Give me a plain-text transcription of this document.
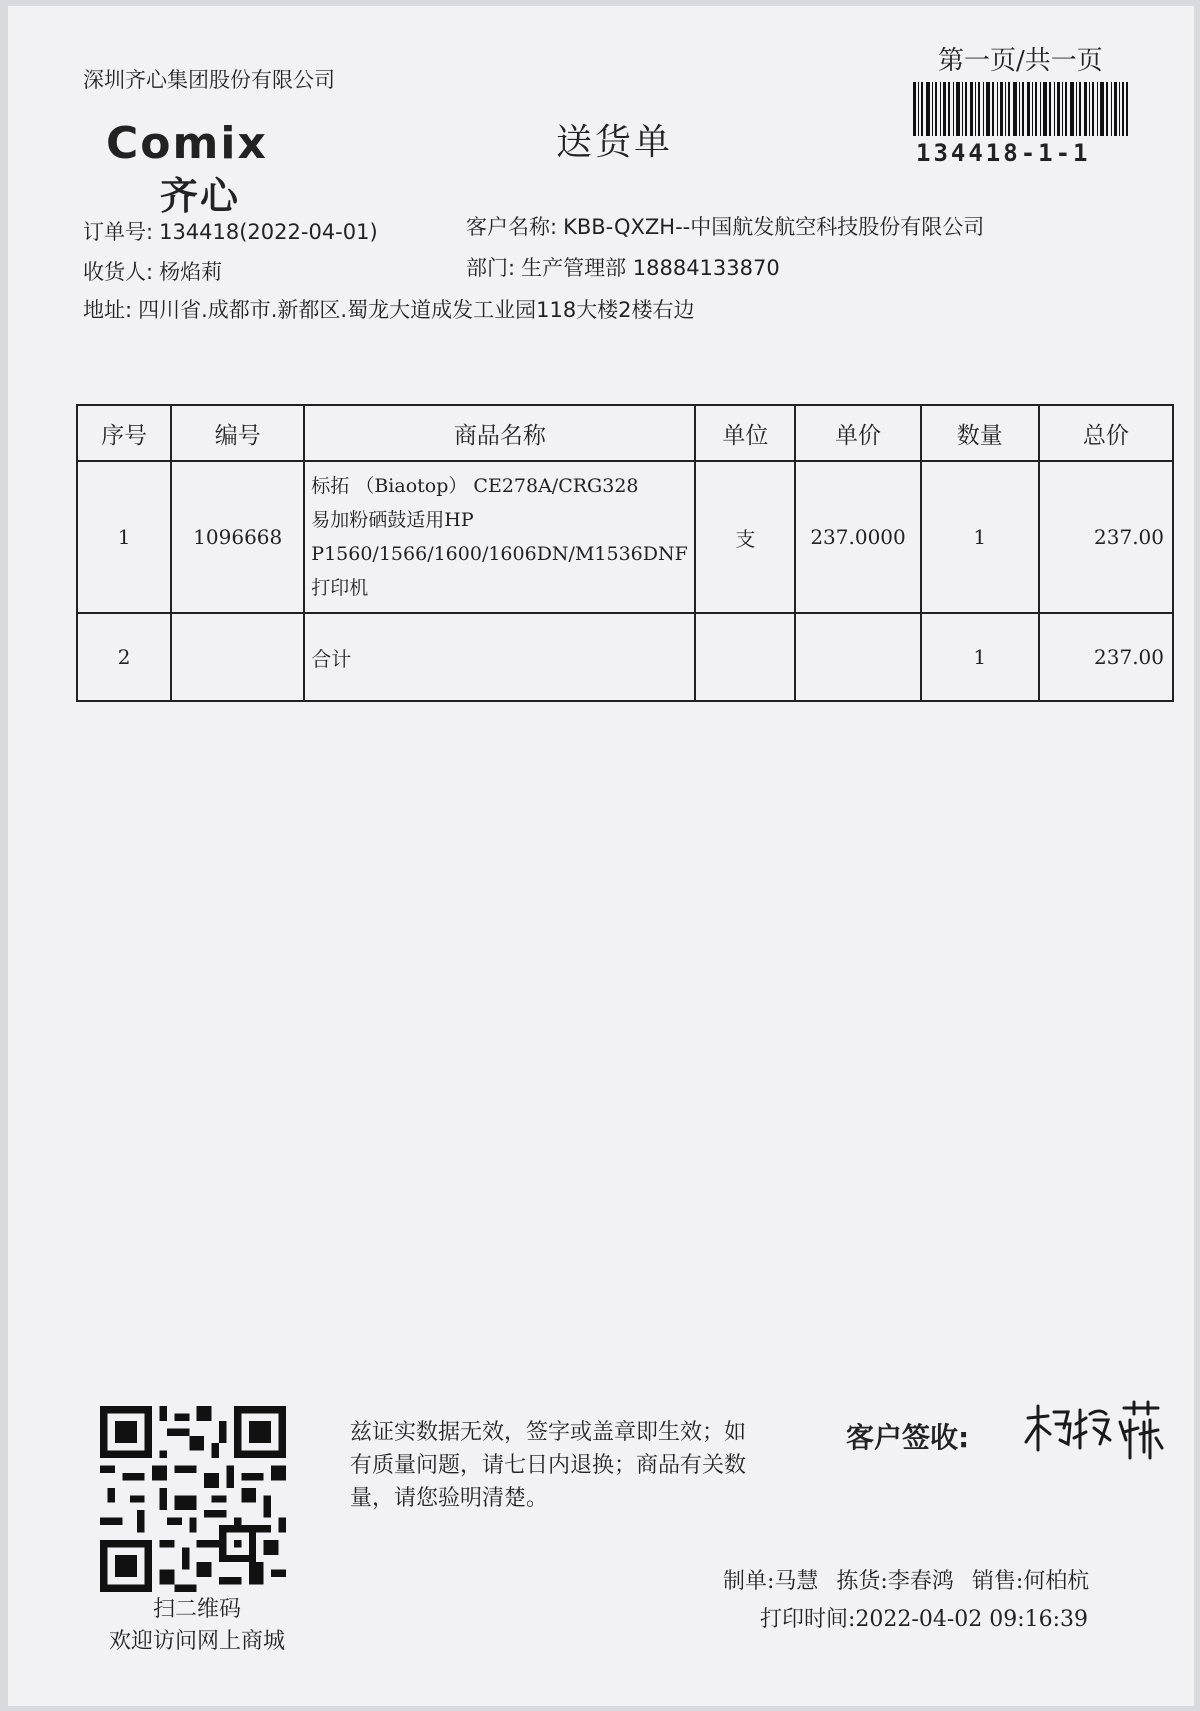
深圳齐心集团股份有限公司
Comix
齐心
送货单
第一页/共一页
134418-1-1
订单号: 134418(2022-04-01)	客户名称: KBB-QXZH--中国航发航空科技股份有限公司
收货人: 杨焰莉	部门: 生产管理部 18884133870
地址: 四川省.成都市.新都区.蜀龙大道成发工业园118大楼2楼右边
序号	编号	商品名称	单位	单价	数量	总价
1	1096668	标拓 （Biaotop） CE278A/CRG328
易加粉硒鼓适用HP
P1560/1566/1600/1606DN/M1536DNF
打印机	支	237.0000	1	237.00
2		合计			1	237.00
扫二维码
欢迎访问网上商城
兹证实数据无效，签字或盖章即生效；如有质量问题，请七日内退换；商品有关数量，请您验明清楚。
客户签收:
制单:马慧 拣货:李春鸿 销售:何柏杭
打印时间:2022-04-02 09:16:39
